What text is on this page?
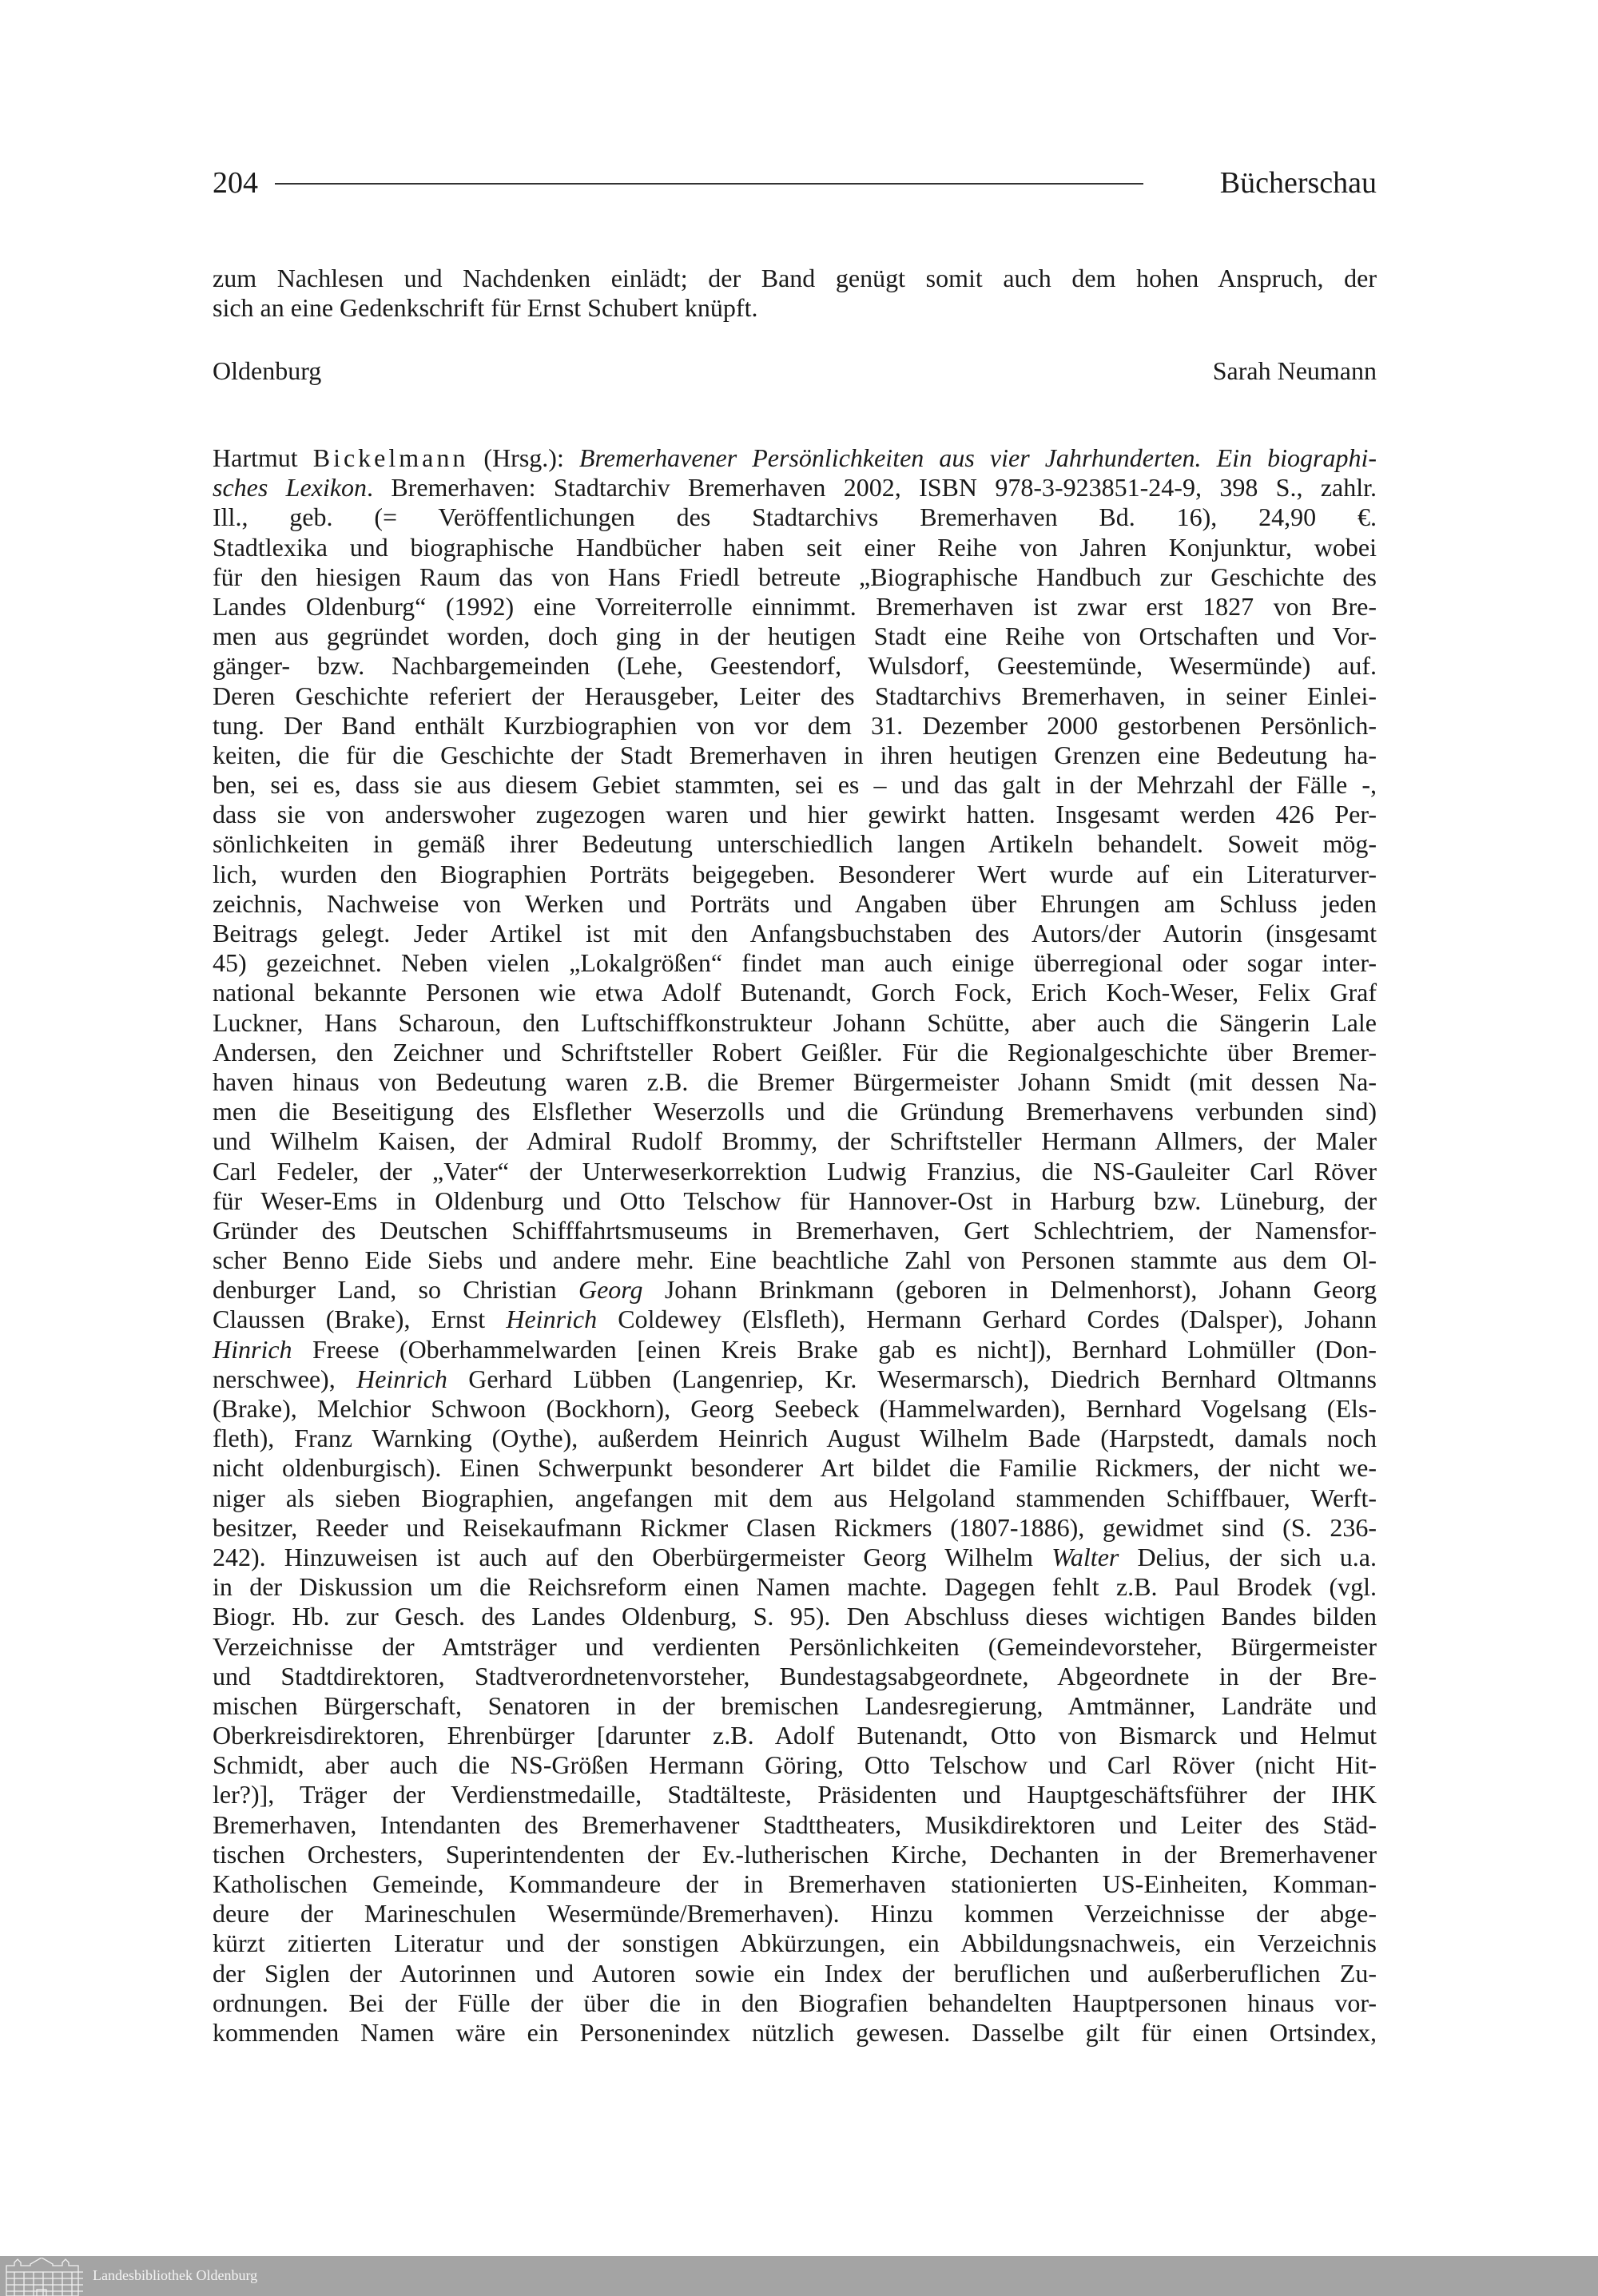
204	Bücherschau
zum Nachlesen und Nachdenken einlädt; der Band genügt somit auch dem hohen Anspruch, der
sich an eine Gedenkschrift für Ernst Schubert knüpft.
Oldenburg	Sarah Neumann
Hartmut Bickelmann (Hrsg.): Bremerhavener Persönlichkeiten aus vier Jahrhunderten. Ein biographi-
sches Lexikon. Bremerhaven: Stadtarchiv Bremerhaven 2002, ISBN 978-3-923851-24-9, 398 S., zahlr.
Ill., geb. (= Veröffentlichungen des Stadtarchivs Bremerhaven Bd. 16), 24,90 €.
Stadtlexika und biographische Handbücher haben seit einer Reihe von Jahren Konjunktur, wobei
für den hiesigen Raum das von Hans Friedl betreute „Biographische Handbuch zur Geschichte des
Landes Oldenburg“ (1992) eine Vorreiterrolle einnimmt. Bremerhaven ist zwar erst 1827 von Bre-
men aus gegründet worden, doch ging in der heutigen Stadt eine Reihe von Ortschaften und Vor-
gänger- bzw. Nachbargemeinden (Lehe, Geestendorf, Wulsdorf, Geestemünde, Wesermünde) auf.
Deren Geschichte referiert der Herausgeber, Leiter des Stadtarchivs Bremerhaven, in seiner Einlei-
tung. Der Band enthält Kurzbiographien von vor dem 31. Dezember 2000 gestorbenen Persönlich-
keiten, die für die Geschichte der Stadt Bremerhaven in ihren heutigen Grenzen eine Bedeutung ha-
ben, sei es, dass sie aus diesem Gebiet stammten, sei es – und das galt in der Mehrzahl der Fälle -,
dass sie von anderswoher zugezogen waren und hier gewirkt hatten. Insgesamt werden 426 Per-
sönlichkeiten in gemäß ihrer Bedeutung unterschiedlich langen Artikeln behandelt. Soweit mög-
lich, wurden den Biographien Porträts beigegeben. Besonderer Wert wurde auf ein Literaturver-
zeichnis, Nachweise von Werken und Porträts und Angaben über Ehrungen am Schluss jeden
Beitrags gelegt. Jeder Artikel ist mit den Anfangsbuchstaben des Autors/der Autorin (insgesamt
45) gezeichnet. Neben vielen „Lokalgrößen“ findet man auch einige überregional oder sogar inter-
national bekannte Personen wie etwa Adolf Butenandt, Gorch Fock, Erich Koch-Weser, Felix Graf
Luckner, Hans Scharoun, den Luftschiffkonstrukteur Johann Schütte, aber auch die Sängerin Lale
Andersen, den Zeichner und Schriftsteller Robert Geißler. Für die Regionalgeschichte über Bremer-
haven hinaus von Bedeutung waren z.B. die Bremer Bürgermeister Johann Smidt (mit dessen Na-
men die Beseitigung des Elsflether Weserzolls und die Gründung Bremerhavens verbunden sind)
und Wilhelm Kaisen, der Admiral Rudolf Brommy, der Schriftsteller Hermann Allmers, der Maler
Carl Fedeler, der „Vater“ der Unterweserkorrektion Ludwig Franzius, die NS-Gauleiter Carl Röver
für Weser-Ems in Oldenburg und Otto Telschow für Hannover-Ost in Harburg bzw. Lüneburg, der
Gründer des Deutschen Schifffahrtsmuseums in Bremerhaven, Gert Schlechtriem, der Namensfor-
scher Benno Eide Siebs und andere mehr. Eine beachtliche Zahl von Personen stammte aus dem Ol-
denburger Land, so Christian Georg Johann Brinkmann (geboren in Delmenhorst), Johann Georg
Claussen (Brake), Ernst Heinrich Coldewey (Elsfleth), Hermann Gerhard Cordes (Dalsper), Johann
Hinrich Freese (Oberhammelwarden [einen Kreis Brake gab es nicht]), Bernhard Lohmüller (Don-
nerschwee), Heinrich Gerhard Lübben (Langenriep, Kr. Wesermarsch), Diedrich Bernhard Oltmanns
(Brake), Melchior Schwoon (Bockhorn), Georg Seebeck (Hammelwarden), Bernhard Vogelsang (Els-
fleth), Franz Warnking (Oythe), außerdem Heinrich August Wilhelm Bade (Harpstedt, damals noch
nicht oldenburgisch). Einen Schwerpunkt besonderer Art bildet die Familie Rickmers, der nicht we-
niger als sieben Biographien, angefangen mit dem aus Helgoland stammenden Schiffbauer, Werft-
besitzer, Reeder und Reisekaufmann Rickmer Clasen Rickmers (1807-1886), gewidmet sind (S. 236-
242). Hinzuweisen ist auch auf den Oberbürgermeister Georg Wilhelm Walter Delius, der sich u.a.
in der Diskussion um die Reichsreform einen Namen machte. Dagegen fehlt z.B. Paul Brodek (vgl.
Biogr. Hb. zur Gesch. des Landes Oldenburg, S. 95). Den Abschluss dieses wichtigen Bandes bilden
Verzeichnisse der Amtsträger und verdienten Persönlichkeiten (Gemeindevorsteher, Bürgermeister
und Stadtdirektoren, Stadtverordnetenvorsteher, Bundestagsabgeordnete, Abgeordnete in der Bre-
mischen Bürgerschaft, Senatoren in der bremischen Landesregierung, Amtmänner, Landräte und
Oberkreisdirektoren, Ehrenbürger [darunter z.B. Adolf Butenandt, Otto von Bismarck und Helmut
Schmidt, aber auch die NS-Größen Hermann Göring, Otto Telschow und Carl Röver (nicht Hit-
ler?)], Träger der Verdienstmedaille, Stadtälteste, Präsidenten und Hauptgeschäftsführer der IHK
Bremerhaven, Intendanten des Bremerhavener Stadttheaters, Musikdirektoren und Leiter des Städ-
tischen Orchesters, Superintendenten der Ev.-lutherischen Kirche, Dechanten in der Bremerhavener
Katholischen Gemeinde, Kommandeure der in Bremerhaven stationierten US-Einheiten, Komman-
deure der Marineschulen Wesermünde/Bremerhaven). Hinzu kommen Verzeichnisse der abge-
kürzt zitierten Literatur und der sonstigen Abkürzungen, ein Abbildungsnachweis, ein Verzeichnis
der Siglen der Autorinnen und Autoren sowie ein Index der beruflichen und außerberuflichen Zu-
ordnungen. Bei der Fülle der über die in den Biografien behandelten Hauptpersonen hinaus vor-
kommenden Namen wäre ein Personenindex nützlich gewesen. Dasselbe gilt für einen Ortsindex,
Landesbibliothek Oldenburg
